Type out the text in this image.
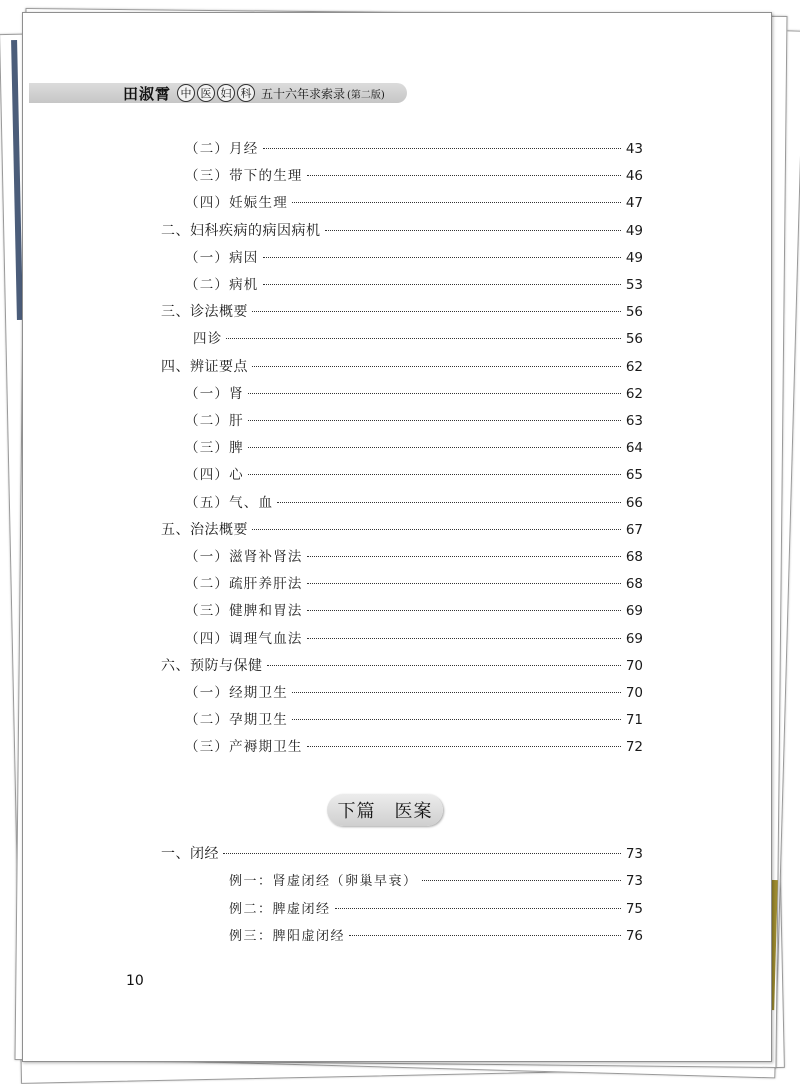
田淑霄 中 医 妇 科 五十六年求索录 (第二版)
（二）月经	43
（三）带下的生理	46
（四）妊娠生理	47
二、妇科疾病的病因病机	49
（一）病因	49
（二）病机	53
三、诊法概要	56
四诊	56
四、辨证要点	62
（一）肾	62
（二）肝	63
（三）脾	64
（四）心	65
（五）气、血	66
五、治法概要	67
（一）滋肾补肾法	68
（二）疏肝养肝法	68
（三）健脾和胃法	69
（四）调理气血法	69
六、预防与保健	70
（一）经期卫生	70
（二）孕期卫生	71
（三）产褥期卫生	72
一、闭经	73
例一：肾虚闭经（卵巢早衰）	73
例二：脾虚闭经	75
例三：脾阳虚闭经	76
下篇　医案
10
